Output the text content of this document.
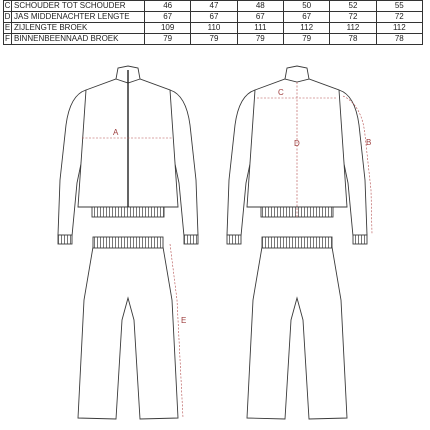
C	SCHOUDER TOT SCHOUDER	46	47	48	50	52	55
D	JAS MIDDENACHTER LENGTE	67	67	67	67	72	72
E	ZIJLENGTE BROEK	109	110	111	112	112	112
F	BINNENBEENNAAD BROEK	79	79	79	79	78	78
A
C
D	B
E
